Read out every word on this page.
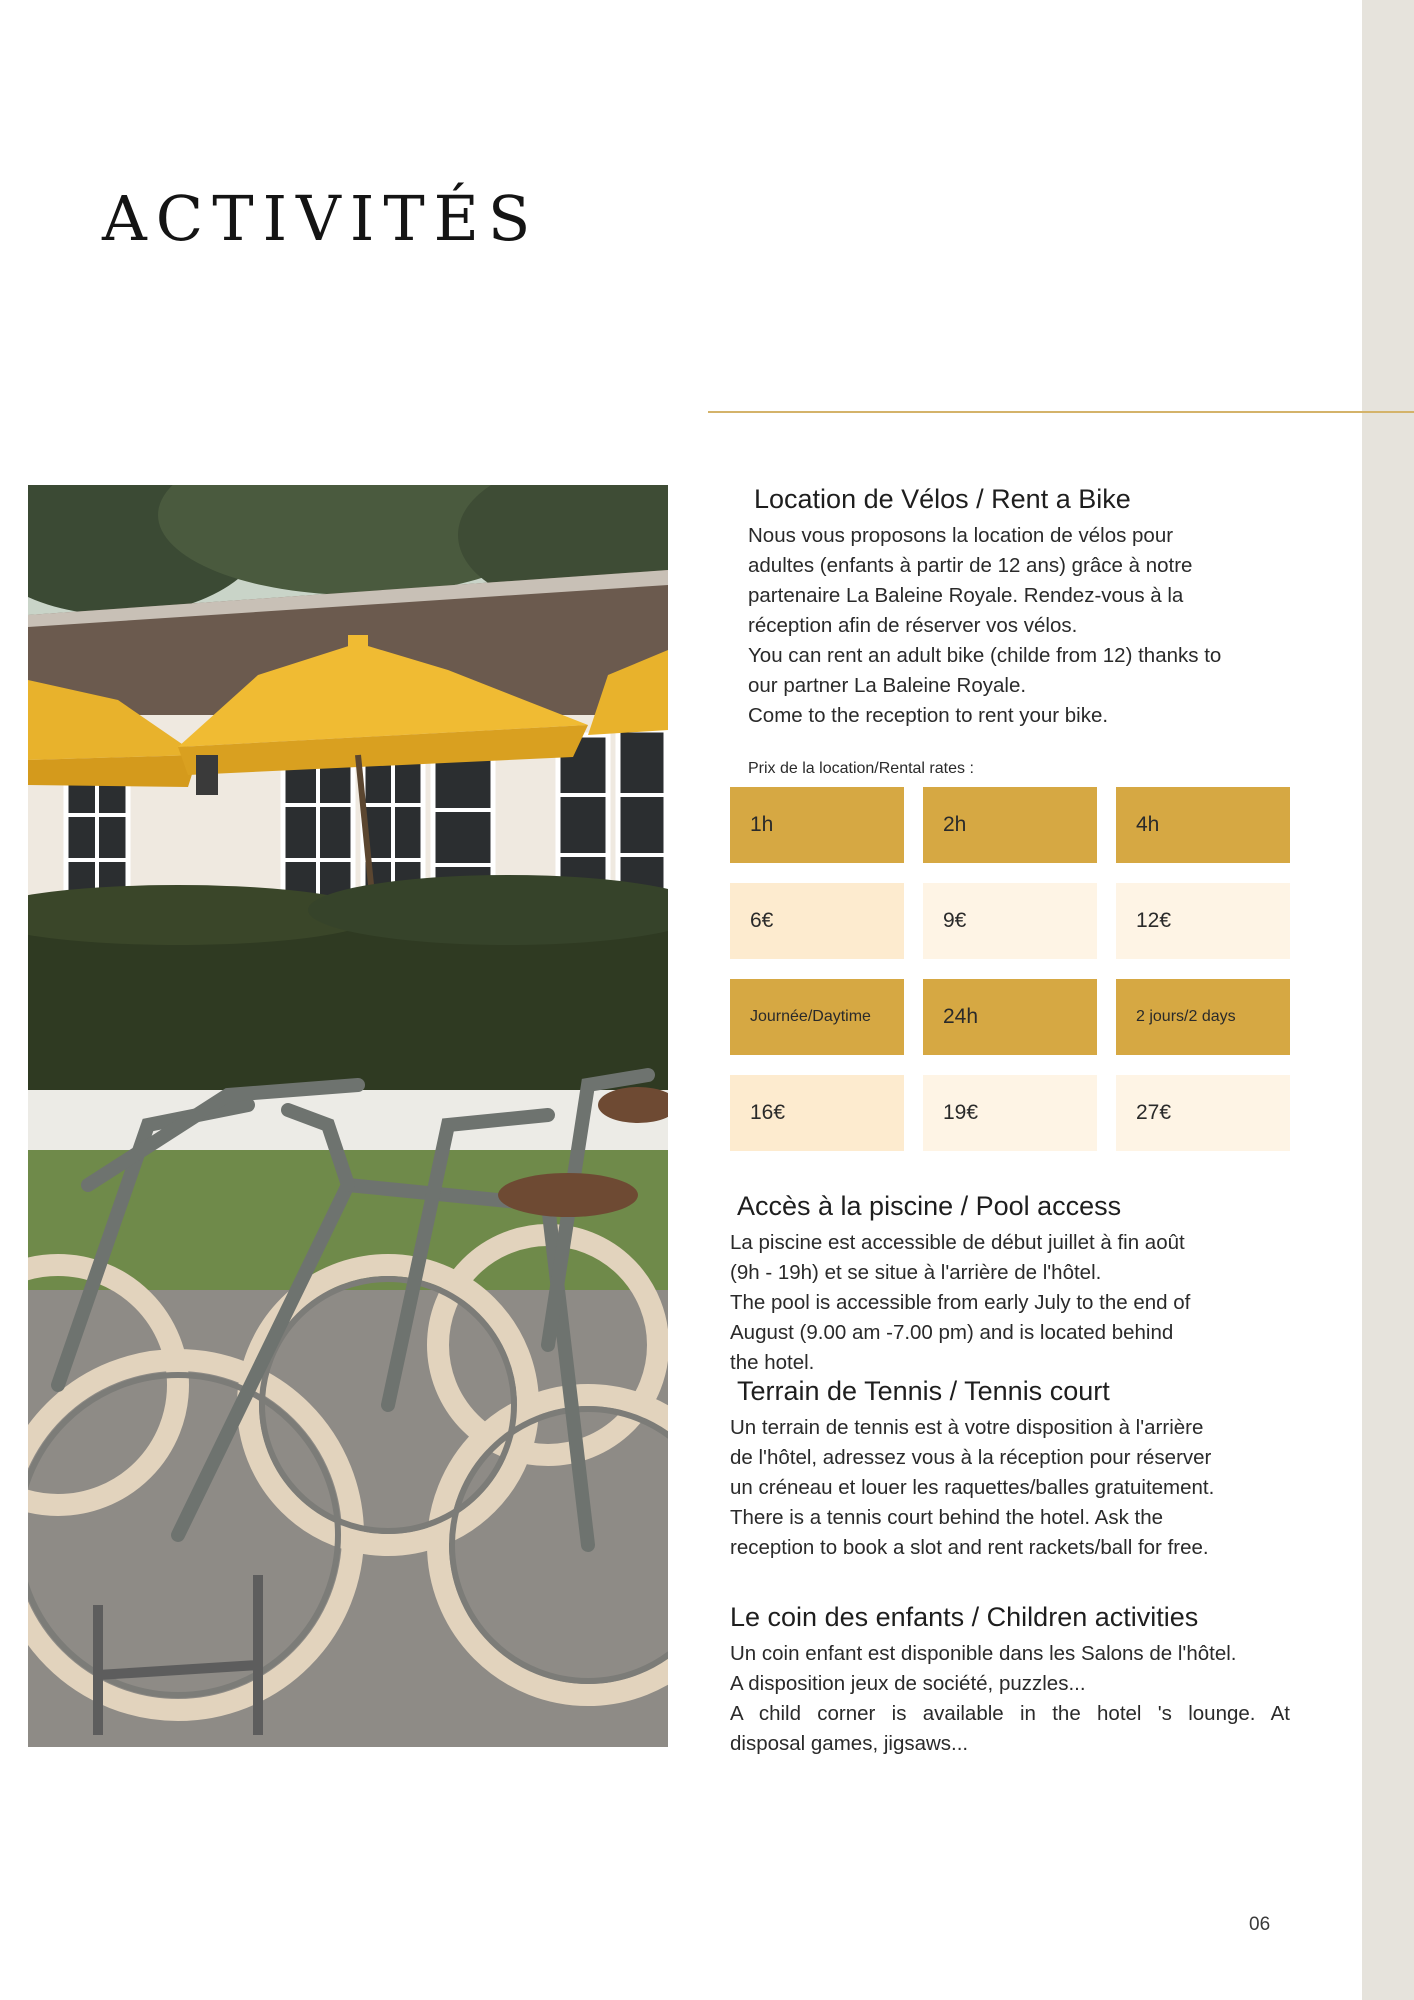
ACTIVITÉS
Location de Vélos / Rent a Bike
Nous vous proposons la location de vélos pour
adultes (enfants à partir de 12 ans) grâce à notre
partenaire La Baleine Royale. Rendez-vous à la
réception afin de réserver vos vélos.
You can rent an adult bike (childe from 12) thanks to
our partner La Baleine Royale.
Come to the reception to rent your bike.

Prix de la location/Rental rates :

1h	2h	4h
6€	9€	12€
Journée/Daytime	24h	2 jours/2 days
16€	19€	27€
Accès à la piscine / Pool access
La piscine est accessible de début juillet à fin août
(9h - 19h) et se situe à l'arrière de l'hôtel.
The pool is accessible from early July to the end of
August (9.00 am -7.00 pm) and is located behind
the hotel.
Terrain de Tennis / Tennis court
Un terrain de tennis est à votre disposition à l'arrière
de l'hôtel, adressez vous à la réception pour réserver
un créneau et louer les raquettes/balles gratuitement.
There is a tennis court behind the hotel. Ask the
reception to book a slot and rent rackets/ball for free.
Le coin des enfants / Children activities
Un coin enfant est disponible dans les Salons de l'hôtel.
A disposition jeux de société, puzzles...
A child corner is available in the hotel 's lounge. At
disposal games, jigsaws...
06
